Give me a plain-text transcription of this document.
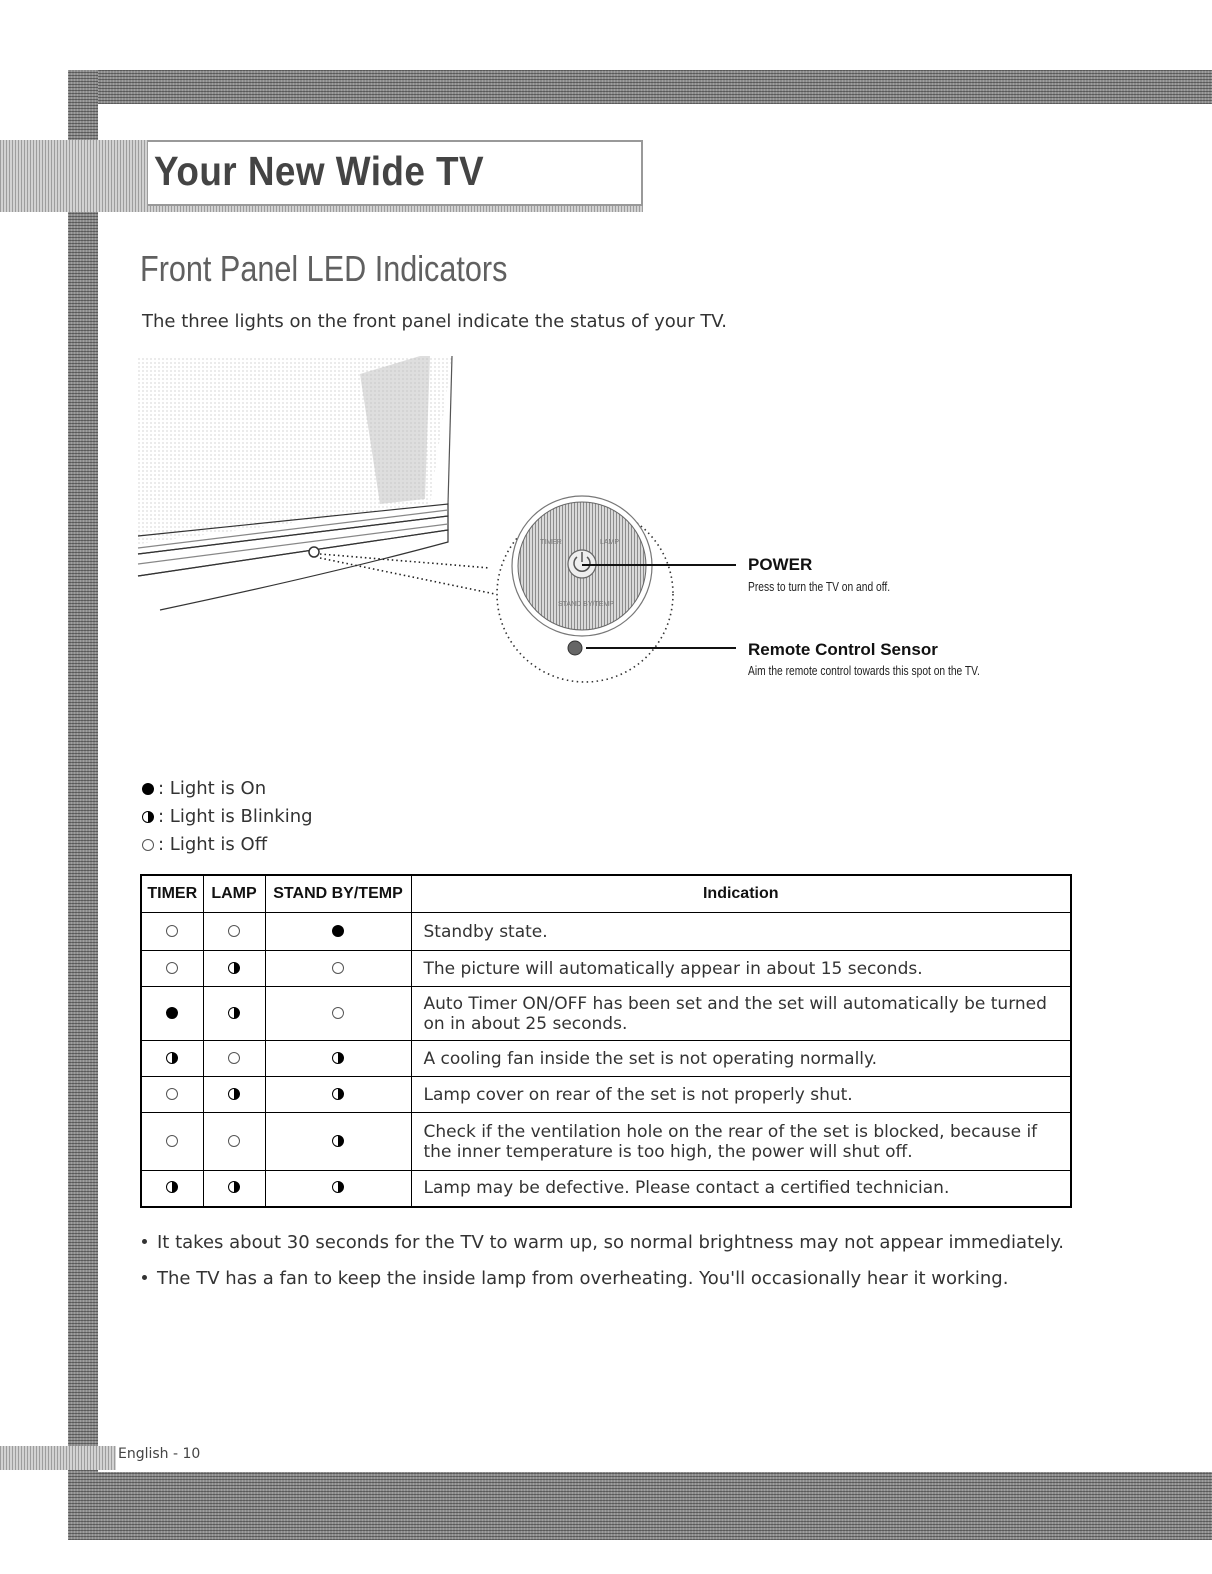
Your New Wide TV
Front Panel LED Indicators
The three lights on the front panel indicate the status of your TV.
TIMER	LAMP
STAND BY/TEMP
POWER
Press to turn the TV on and off.
Remote Control Sensor
Aim the remote control towards this spot on the TV.
: Light is On
: Light is Blinking
: Light is Off
TIMER	LAMP	STAND BY/TEMP	Indication
			Standby state.
			The picture will automatically appear in about 15 seconds.
			Auto Timer ON/OFF has been set and the set will automatically be turned on in about 25 seconds.
			A cooling fan inside the set is not operating normally.
			Lamp cover on rear of the set is not properly shut.
			Check if the ventilation hole on the rear of the set is blocked, because if the inner temperature is too high, the power will shut off.
			Lamp may be defective. Please contact a certified technician.
It takes about 30 seconds for the TV to warm up, so normal brightness may not appear immediately.
The TV has a fan to keep the inside lamp from overheating. You'll occasionally hear it working.
English - 10
